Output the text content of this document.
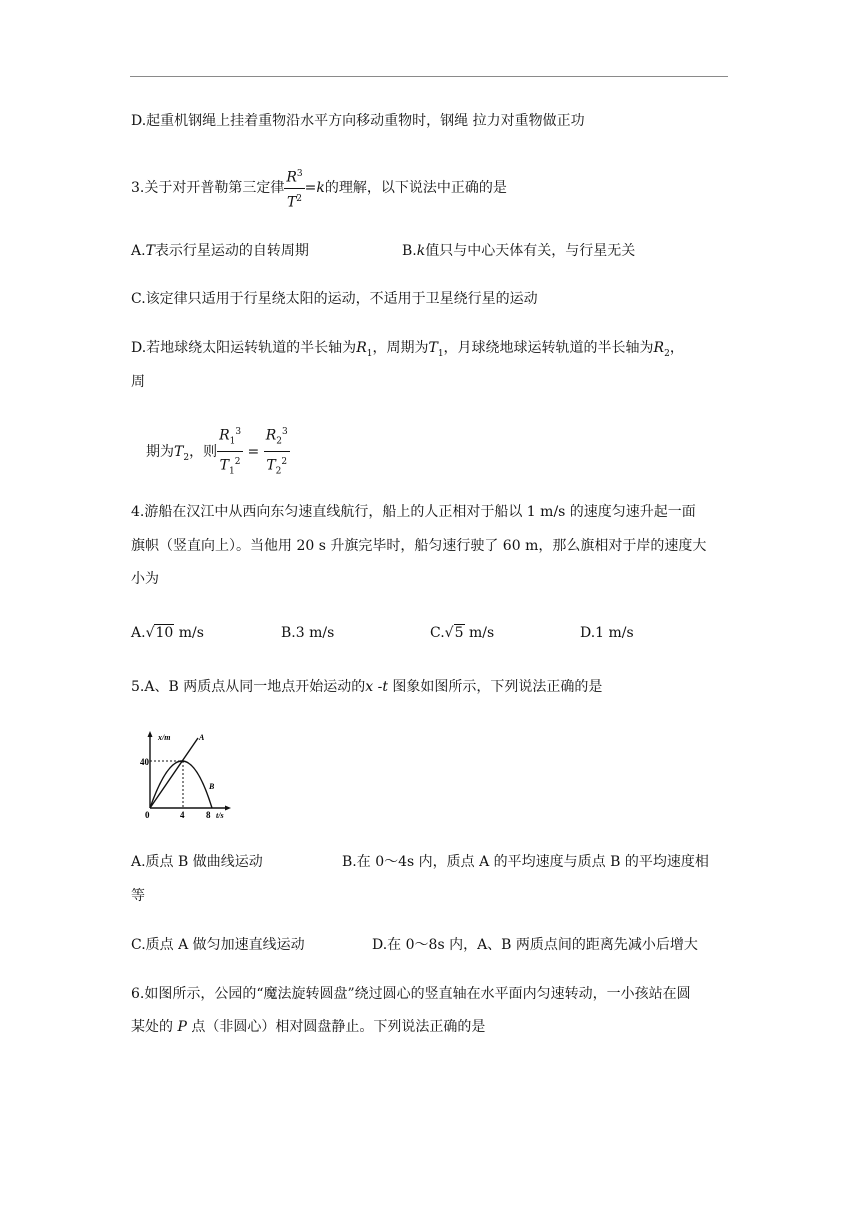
D.起重机钢绳上挂着重物沿水平方向移动重物时，钢绳 拉力对重物做正功
3.关于对开普勒第三定律 $\frac{R^3}{T^2} =k$的理解，以下说法中正确的是
A.T表示行星运动的自转周期	B.k值只与中心天体有关，与行星无关
C.该定律只适用于行星绕太阳的运动，不适用于卫星绕行星的运动
D.若地球绕太阳运转轨道的半长轴为$R_1$，周期为$T_1$，月球绕地球运转轨道的半长轴为$R_2$，
周
期为$T_2$，则 $\frac{R_1^3}{T_1^2} = \frac{R_2^3}{T_2^2}$
4.游船在汉江中从西向东匀速直线航行，船上的人正相对于船以 1 m/s 的速度匀速升起一面
旗帜（竖直向上）。当他用 20 s 升旗完毕时，船匀速行驶了 60 m，那么旗相对于岸的速度大
小为
A.√10 m/s	B.3 m/s	C.√5 m/s	D.1 m/s
5.A、B 两质点从同一地点开始运动的x -t 图象如图所示，下列说法正确的是
x/m	A
B
40
0	4 8 t/s
A.质点 B 做曲线运动	B.在 0～4s 内，质点 A 的平均速度与质点 B 的平均速度相
等
C.质点 A 做匀加速直线运动	D.在 0～8s 内，A、B 两质点间的距离先减小后增大
6.如图所示，公园的“魔法旋转圆盘”绕过圆心的竖直轴在水平面内匀速转动，一小孩站在圆
某处的 P 点（非圆心）相对圆盘静止。下列说法正确的是
